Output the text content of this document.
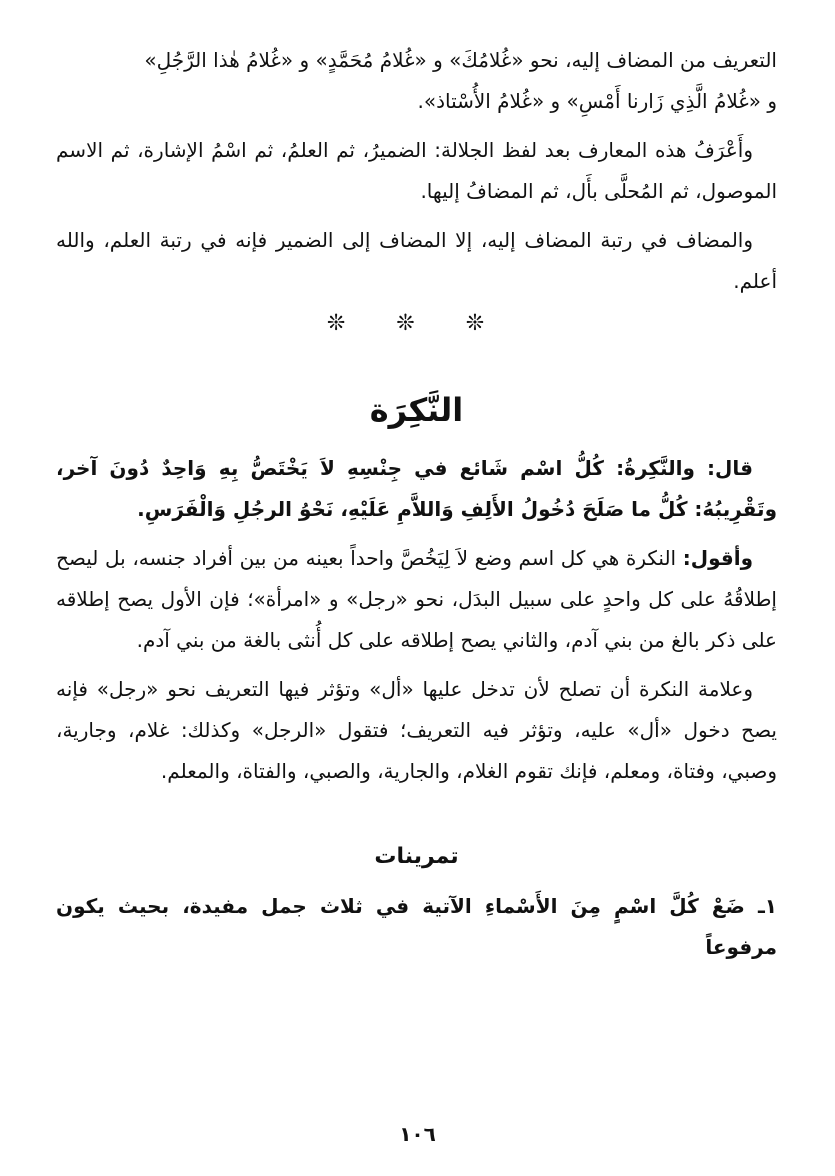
التعريف من المضاف إليه، نحو «غُلامُكَ» و «غُلامُ مُحَمَّدٍ» و «غُلامُ هٰذا الرَّجُلِ»
و «غُلامُ الَّذِي زَارنا أَمْسِ» و «غُلامُ الأُسْتاذ».

وأَعْرَفُ هذه المعارف بعد لفظ الجلالة: الضميرُ، ثم العلمُ، ثم اسْمُ الإشارة، ثم الاسم الموصول، ثم المُحلَّى بأَل، ثم المضافُ إليها.

والمضاف في رتبة المضاف إليه، إلا المضاف إلى الضمير فإنه في رتبة العلم، والله أعلم.

❊ ❊ ❊
النَّكِرَة

قال: والنَّكِرةُ: كُلُّ اسْم شَائع في جِنْسِهِ لاَ يَخْتَصُّ بِهِ وَاحِدٌ دُونَ آخر، وتَقْرِيبُهُ: كُلُّ ما صَلَحَ دُخُولُ الأَلِفِ وَاللاَّمِ عَلَيْهِ، نَحْوُ الرجُلِ وَالْفَرَسِ.

وأقول: النكرة هي كل اسم وضع لاَ لِيَخُصَّ واحداً بعينه من بين أفراد جنسه، بل ليصح إطلاقُهُ على كل واحدٍ على سبيل البدَل، نحو «رجل» و «امرأة»؛ فإن الأول يصح إطلاقه على ذكر بالغ من بني آدم، والثاني يصح إطلاقه على كل أُنثى بالغة من بني آدم.

وعلامة النكرة أن تصلح لأن تدخل عليها «أل» وتؤثر فيها التعريف نحو «رجل» فإنه يصح دخول «أل» عليه، وتؤثر فيه التعريف؛ فتقول «الرجل» وكذلك: غلام، وجارية، وصبي، وفتاة، ومعلم، فإنك تقوم الغلام، والجارية، والصبي، والفتاة، والمعلم.

تمرينات

١ـ ضَعْ كُلَّ اسْمٍ مِنَ الأَسْماءِ الآتية في ثلاث جمل مفيدة، بحيث يكون مرفوعاً

١٠٦
